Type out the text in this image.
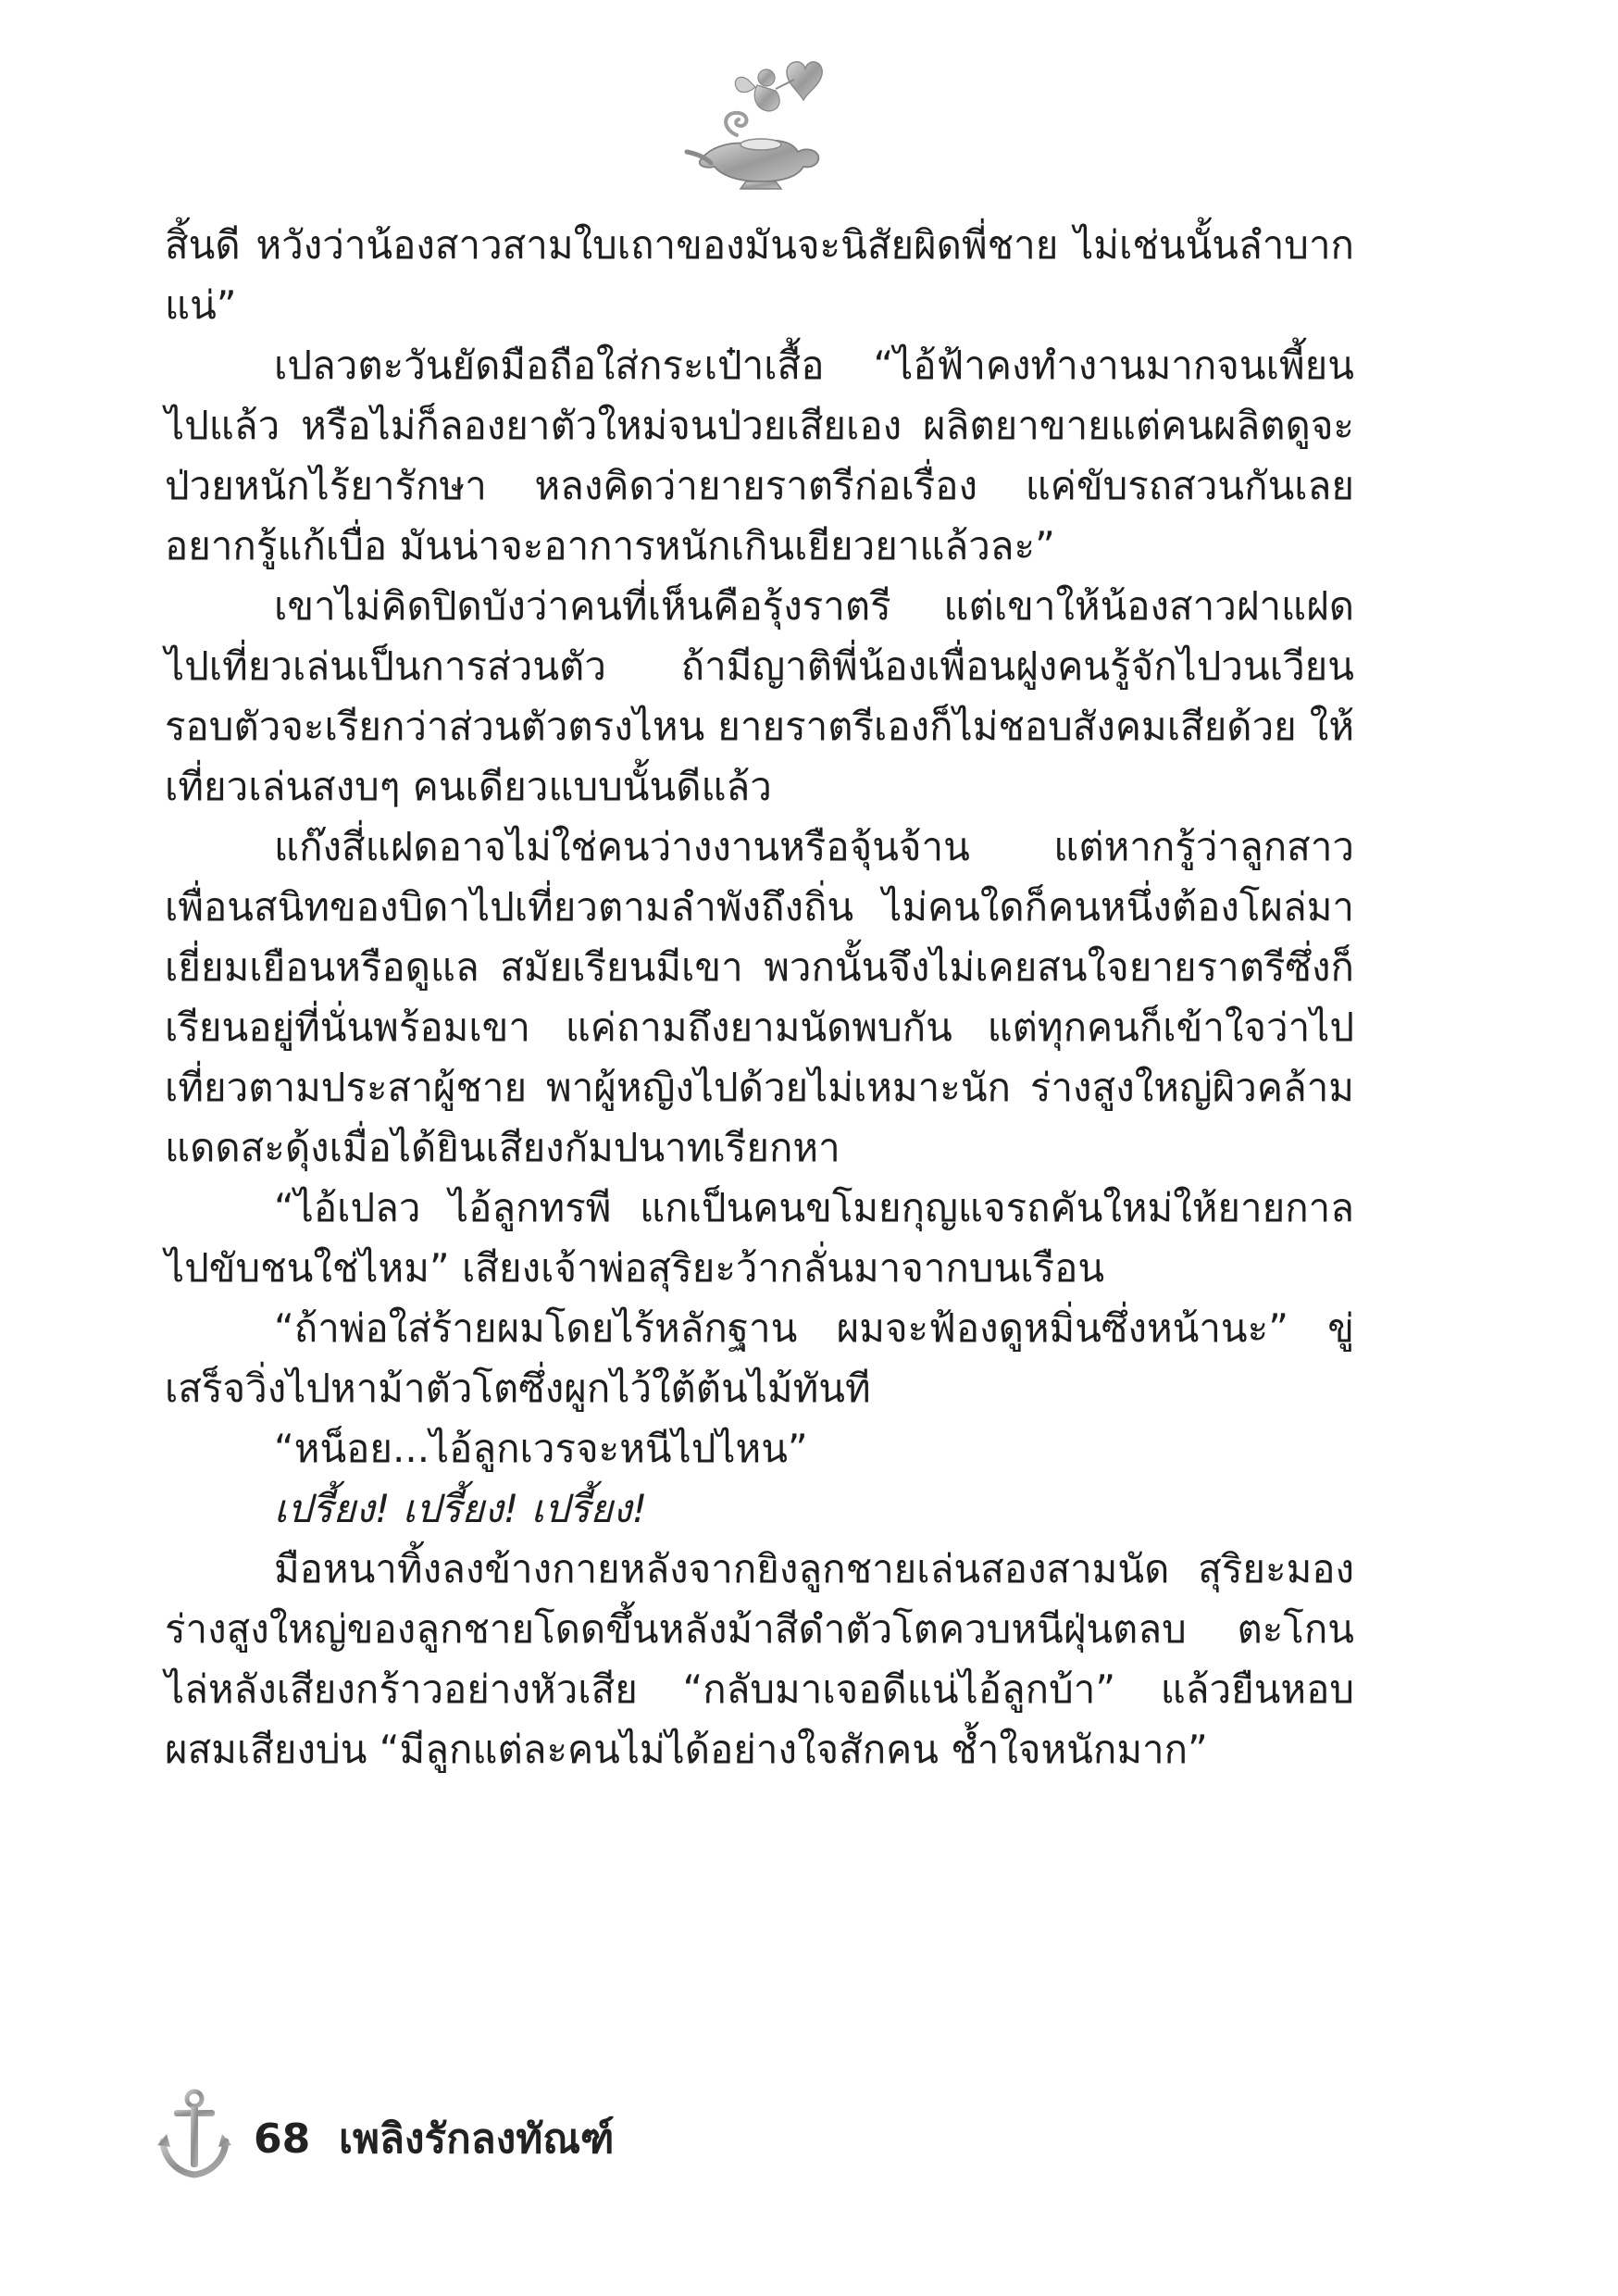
สิ้นดี หวังว่าน้องสาวสามใบเถาของมันจะนิสัยผิดพี่ชาย ไม่เช่นนั้นลำบากแน่”

เปลวตะวันยัดมือถือใส่กระเป๋าเสื้อ “ไอ้ฟ้าคงทำงานมากจนเพี้ยนไปแล้ว หรือไม่ก็ลองยาตัวใหม่จนป่วยเสียเอง ผลิตยาขายแต่คนผลิตดูจะป่วยหนักไร้ยารักษา หลงคิดว่ายายราตรีก่อเรื่อง แค่ขับรถสวนกันเลยอยากรู้แก้เบื่อ มันน่าจะอาการหนักเกินเยียวยาแล้วละ”

เขาไม่คิดปิดบังว่าคนที่เห็นคือรุ้งราตรี แต่เขาให้น้องสาวฝาแฝดไปเที่ยวเล่นเป็นการส่วนตัว ถ้ามีญาติพี่น้องเพื่อนฝูงคนรู้จักไปวนเวียนรอบตัวจะเรียกว่าส่วนตัวตรงไหน ยายราตรีเองก็ไม่ชอบสังคมเสียด้วย ให้เที่ยวเล่นสงบๆ คนเดียวแบบนั้นดีแล้ว

แก๊งสี่แฝดอาจไม่ใช่คนว่างงานหรือจุ้นจ้าน แต่หากรู้ว่าลูกสาวเพื่อนสนิทของบิดาไปเที่ยวตามลำพังถึงถิ่น ไม่คนใดก็คนหนึ่งต้องโผล่มาเยี่ยมเยือนหรือดูแล สมัยเรียนมีเขา พวกนั้นจึงไม่เคยสนใจยายราตรีซึ่งก็เรียนอยู่ที่นั่นพร้อมเขา แค่ถามถึงยามนัดพบกัน แต่ทุกคนก็เข้าใจว่าไปเที่ยวตามประสาผู้ชาย พาผู้หญิงไปด้วยไม่เหมาะนัก ร่างสูงใหญ่ผิวคล้ามแดดสะดุ้งเมื่อได้ยินเสียงกัมปนาทเรียกหา

“ไอ้เปลว ไอ้ลูกทรพี แกเป็นคนขโมยกุญแจรถคันใหม่ให้ยายกาลไปขับชนใช่ไหม” เสียงเจ้าพ่อสุริยะว้ากลั่นมาจากบนเรือน

“ถ้าพ่อใส่ร้ายผมโดยไร้หลักฐาน ผมจะฟ้องดูหมิ่นซึ่งหน้านะ” ขู่เสร็จวิ่งไปหาม้าตัวโตซึ่งผูกไว้ใต้ต้นไม้ทันที

“หน็อย...ไอ้ลูกเวรจะหนีไปไหน”

เปรี้ยง! เปรี้ยง! เปรี้ยง!

มือหนาทิ้งลงข้างกายหลังจากยิงลูกชายเล่นสองสามนัด สุริยะมองร่างสูงใหญ่ของลูกชายโดดขึ้นหลังม้าสีดำตัวโตควบหนีฝุ่นตลบ ตะโกนไล่หลังเสียงกร้าวอย่างหัวเสีย “กลับมาเจอดีแน่ไอ้ลูกบ้า” แล้วยืนหอบผสมเสียงบ่น “มีลูกแต่ละคนไม่ได้อย่างใจสักคน ช้ำใจหนักมาก”

68 เพลิงรักลงทัณฑ์
